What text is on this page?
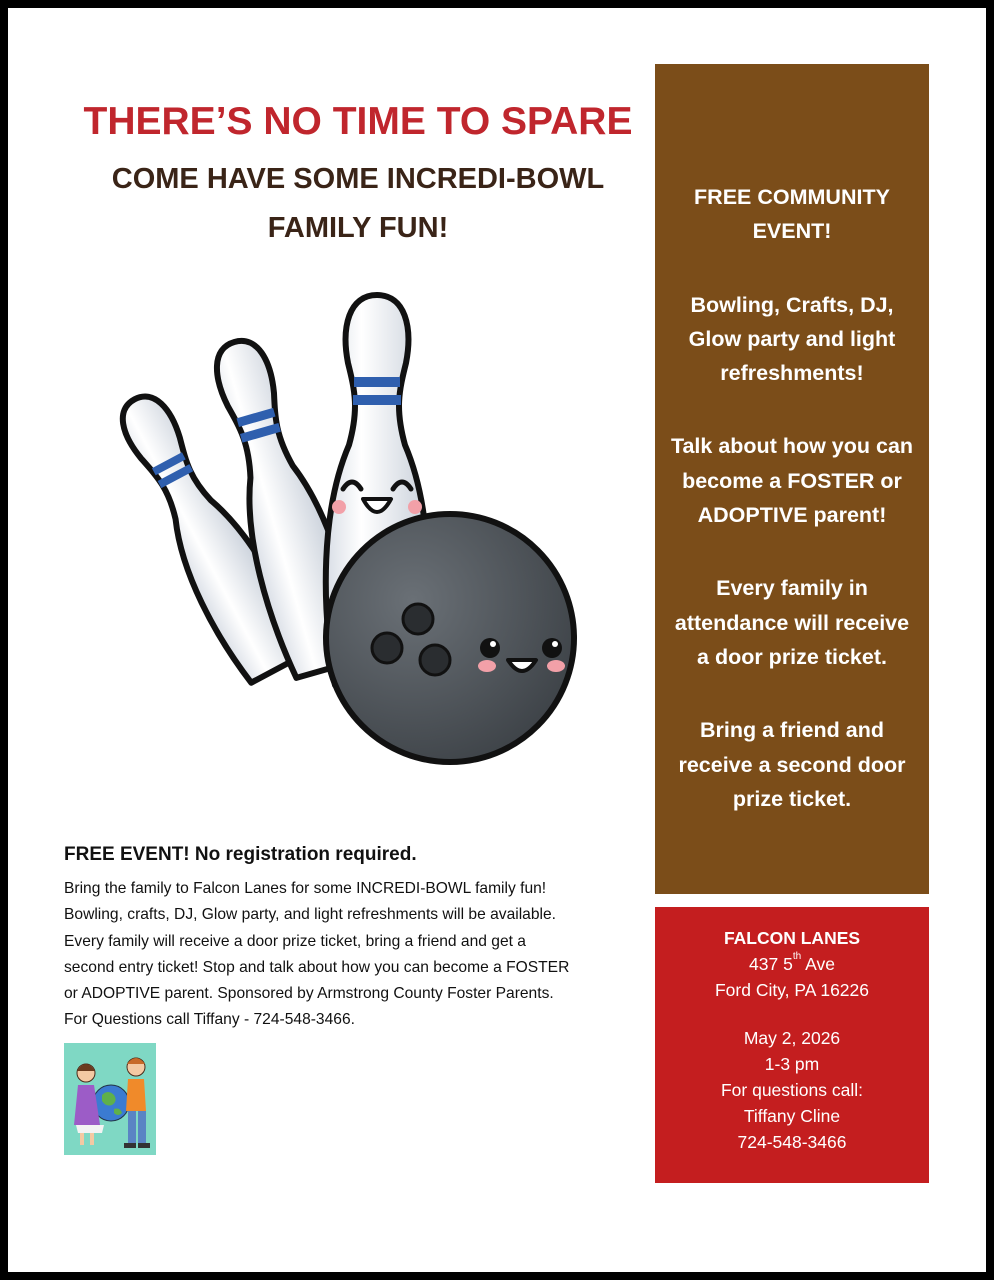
THERE’S NO TIME TO SPARE
COME HAVE SOME INCREDI-BOWL
FAMILY FUN!
FREE EVENT! No registration required.
Bring the family to Falcon Lanes for some INCREDI-BOWL family fun!
Bowling, crafts, DJ, Glow party, and light refreshments will be available.
Every family will receive a door prize ticket, bring a friend and get a
second entry ticket! Stop and talk about how you can become a FOSTER
or ADOPTIVE parent. Sponsored by Armstrong County Foster Parents.
For Questions call Tiffany - 724-548-3466.

FREE COMMUNITY EVENT!

Bowling, Crafts, DJ, Glow party and light refreshments!

Talk about how you can become a FOSTER or ADOPTIVE parent!

Every family in attendance will receive a door prize ticket.

Bring a friend and receive a second door prize ticket.

FALCON LANES
437 5th Ave
Ford City, PA 16226
May 2, 2026
1-3 pm
For questions call:
Tiffany Cline
724-548-3466
